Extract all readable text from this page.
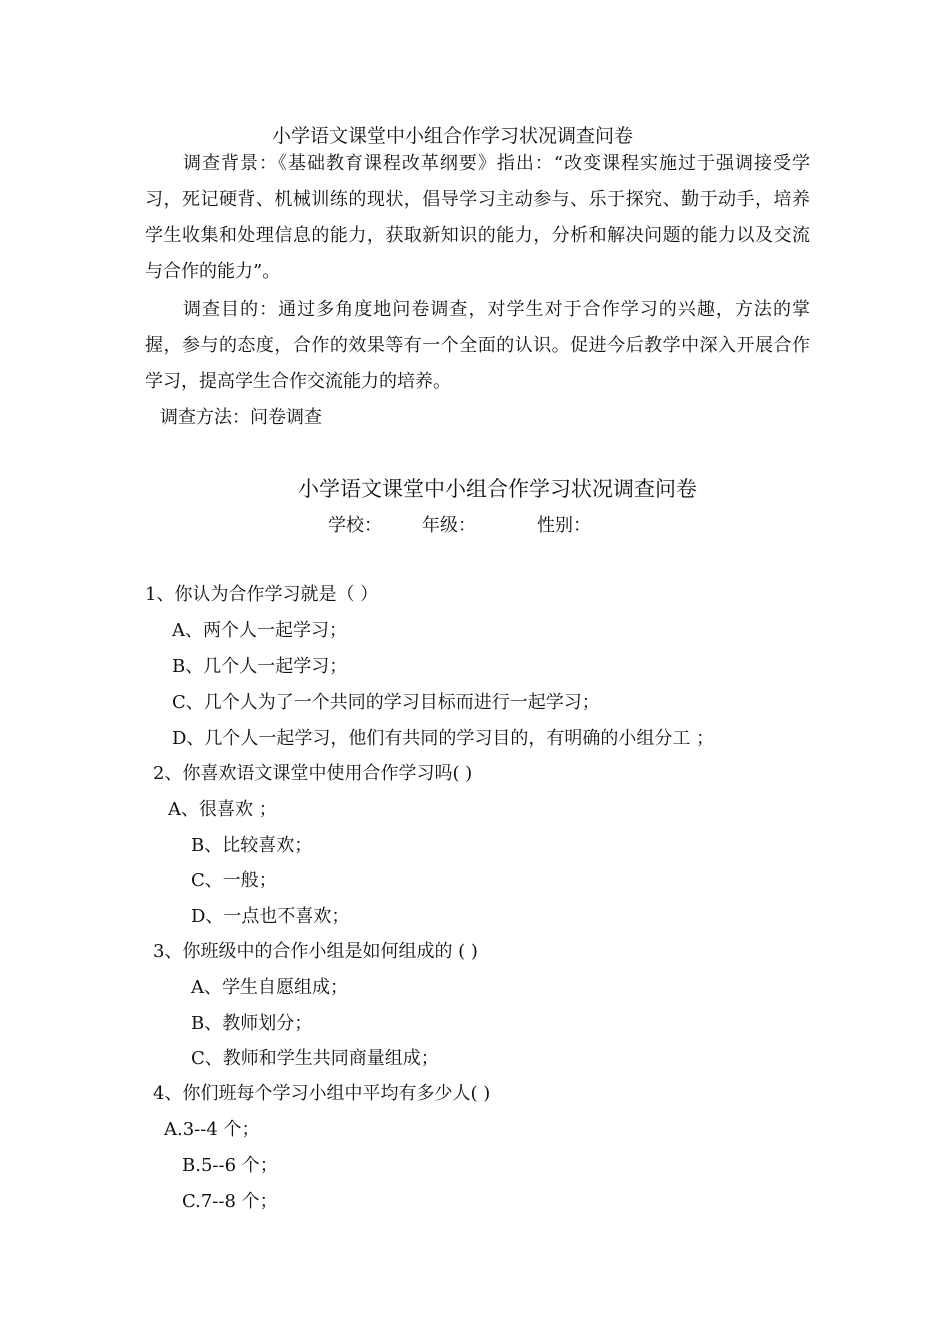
小学语文课堂中小组合作学习状况调查问卷
调查背景：《基础教育课程改革纲要》指出：“改变课程实施过于强调接受学习，死记硬背、机械训练的现状，倡导学习主动参与、乐于探究、勤于动手，培养学生收集和处理信息的能力，获取新知识的能力，分析和解决问题的能力以及交流与合作的能力”。
调查目的：通过多角度地问卷调查，对学生对于合作学习的兴趣，方法的掌握，参与的态度，合作的效果等有一个全面的认识。促进今后教学中深入开展合作学习，提高学生合作交流能力的培养。
调查方法：问卷调查
小学语文课堂中小组合作学习状况调查问卷
学校： 年级：	性别：
1、你认为合作学习就是（ ）
A、两个人一起学习；
B、几个人一起学习；
C、几个人为了一个共同的学习目标而进行一起学习；
D、几个人一起学习，他们有共同的学习目的，有明确的小组分工 ；
2、你喜欢语文课堂中使用合作学习吗( )
A、很喜欢 ；
B、比较喜欢；
C、一般；
D、一点也不喜欢；
3、你班级中的合作小组是如何组成的 ( )
A、学生自愿组成；
B、教师划分；
C、教师和学生共同商量组成；
4、你们班每个学习小组中平均有多少人( )
A.3--4 个；
B.5--6 个；
C.7--8 个；
